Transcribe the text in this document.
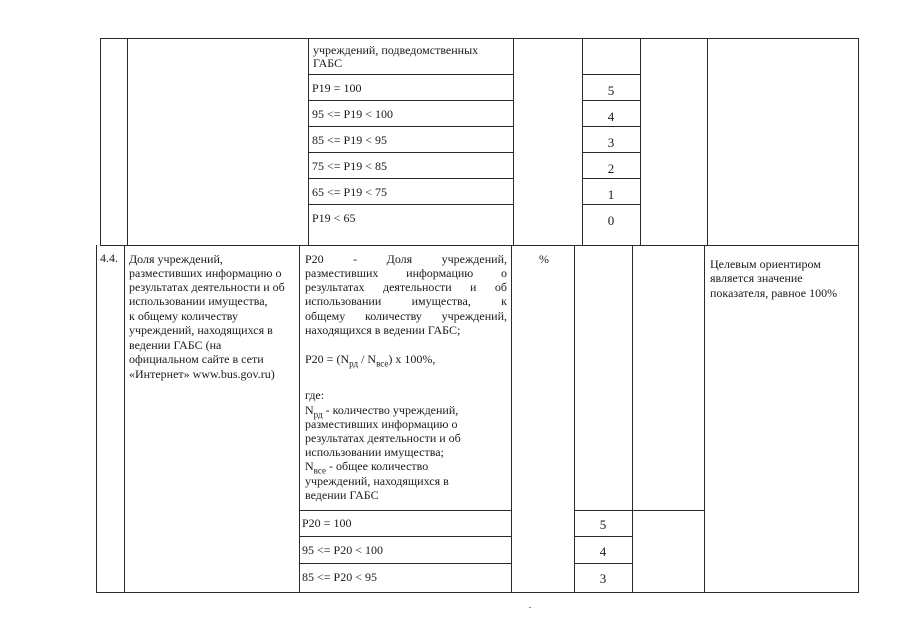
учреждений, подведомственных
ГАБС
P19 = 100
95 <= P19 < 100
85 <= P19 < 95
75 <= P19 < 85
65 <= P19 < 75
P19 < 65
5
4
3
2
1
0
4.4. Доля учреждений,
разместивших информацию о
результатах деятельности и об
использовании имущества,
к общему количеству
учреждений, находящихся в
ведении ГАБС (на
официальном сайте в сети
«Интернет» www.bus.gov.ru)
P20 - Доля учреждений,
разместивших информацию о
результатах деятельности и об
использовании имущества, к
общему количеству учреждений,
находящихся в ведении ГАБС;
$P20 = (N_{рд} / N_{все})$ x 100%,
где:
$N_{рд}$ - количество учреждений,
разместивших информацию о
результатах деятельности и об
использовании имущества;
$N_{все}$ - общее количество
учреждений, находящихся в
ведении ГАБС
%	Целевым ориентиром
является значение
показателя, равное 100%
P20 = 100
95 <= P20 < 100
85 <= P20 < 95
5
4
3
